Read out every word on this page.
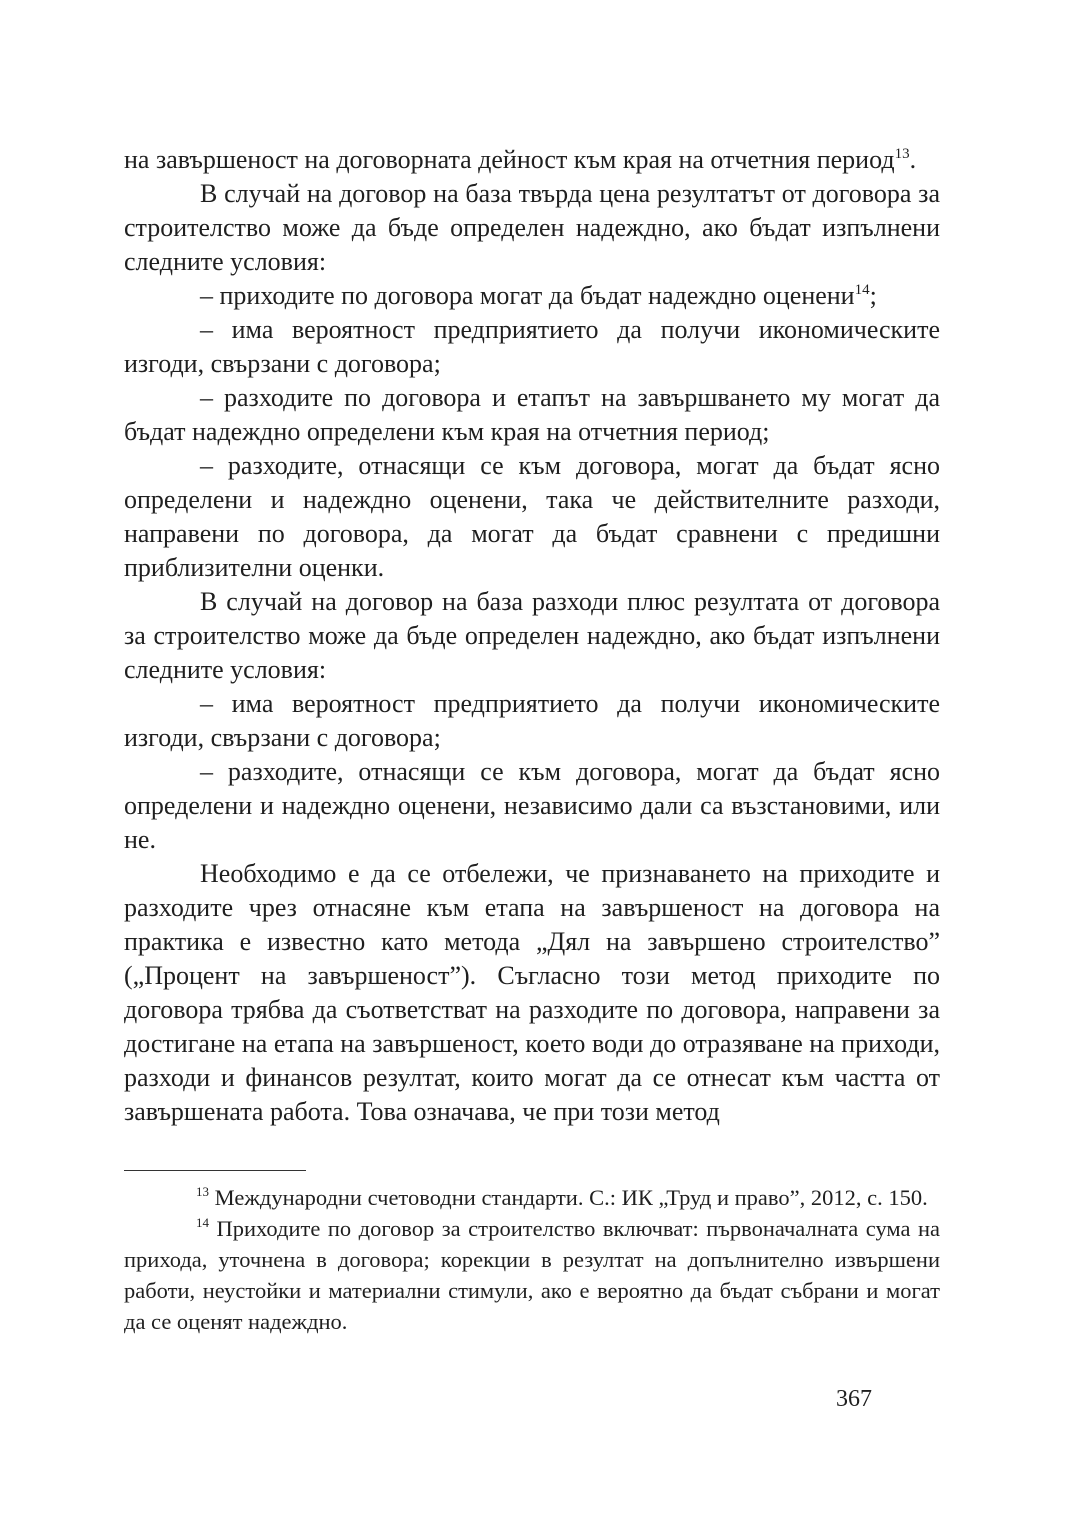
на завършеност на договорната дейност към края на отчетния период$^{13}$.

В случай на договор на база твърда цена резултатът от договора за строителство може да бъде определен надеждно, ако бъдат изпълнени следните условия:

– приходите по договора могат да бъдат надеждно оценени$^{14}$;

– има вероятност предприятието да получи икономическите изгоди, свързани с договора;

– разходите по договора и етапът на завършването му могат да бъдат надеждно определени към края на отчетния период;

– разходите, отнасящи се към договора, могат да бъдат ясно определени и надеждно оценени, така че действителните разходи, направени по договора, да могат да бъдат сравнени с предишни приблизителни оценки.

В случай на договор на база разходи плюс резултата от договора за строителство може да бъде определен надеждно, ако бъдат изпълнени следните условия:

– има вероятност предприятието да получи икономическите изгоди, свързани с договора;

– разходите, отнасящи се към договора, могат да бъдат ясно определени и надеждно оценени, независимо дали са възстановими, или не.

Необходимо е да се отбележи, че признаването на приходите и разходите чрез отнасяне към етапа на завършеност на договора на практика е известно като метода „Дял на завършено строителство” („Процент на завършеност”). Съгласно този метод приходите по договора трябва да съответстват на разходите по договора, направени за достигане на етапа на завършеност, което води до отразяване на приходи, разходи и финансов резултат, които могат да се отнесат към частта от завършената работа. Това означава, че при този метод

$^{13}$ Международни счетоводни стандарти. С.: ИК „Труд и право”, 2012, с. 150.

$^{14}$ Приходите по договор за строителство включват: първоначалната сума на прихода, уточнена в договора; корекции в резултат на допълнително извършени работи, неустойки и материални стимули, ако е вероятно да бъдат събрани и могат да се оценят надеждно.

367
